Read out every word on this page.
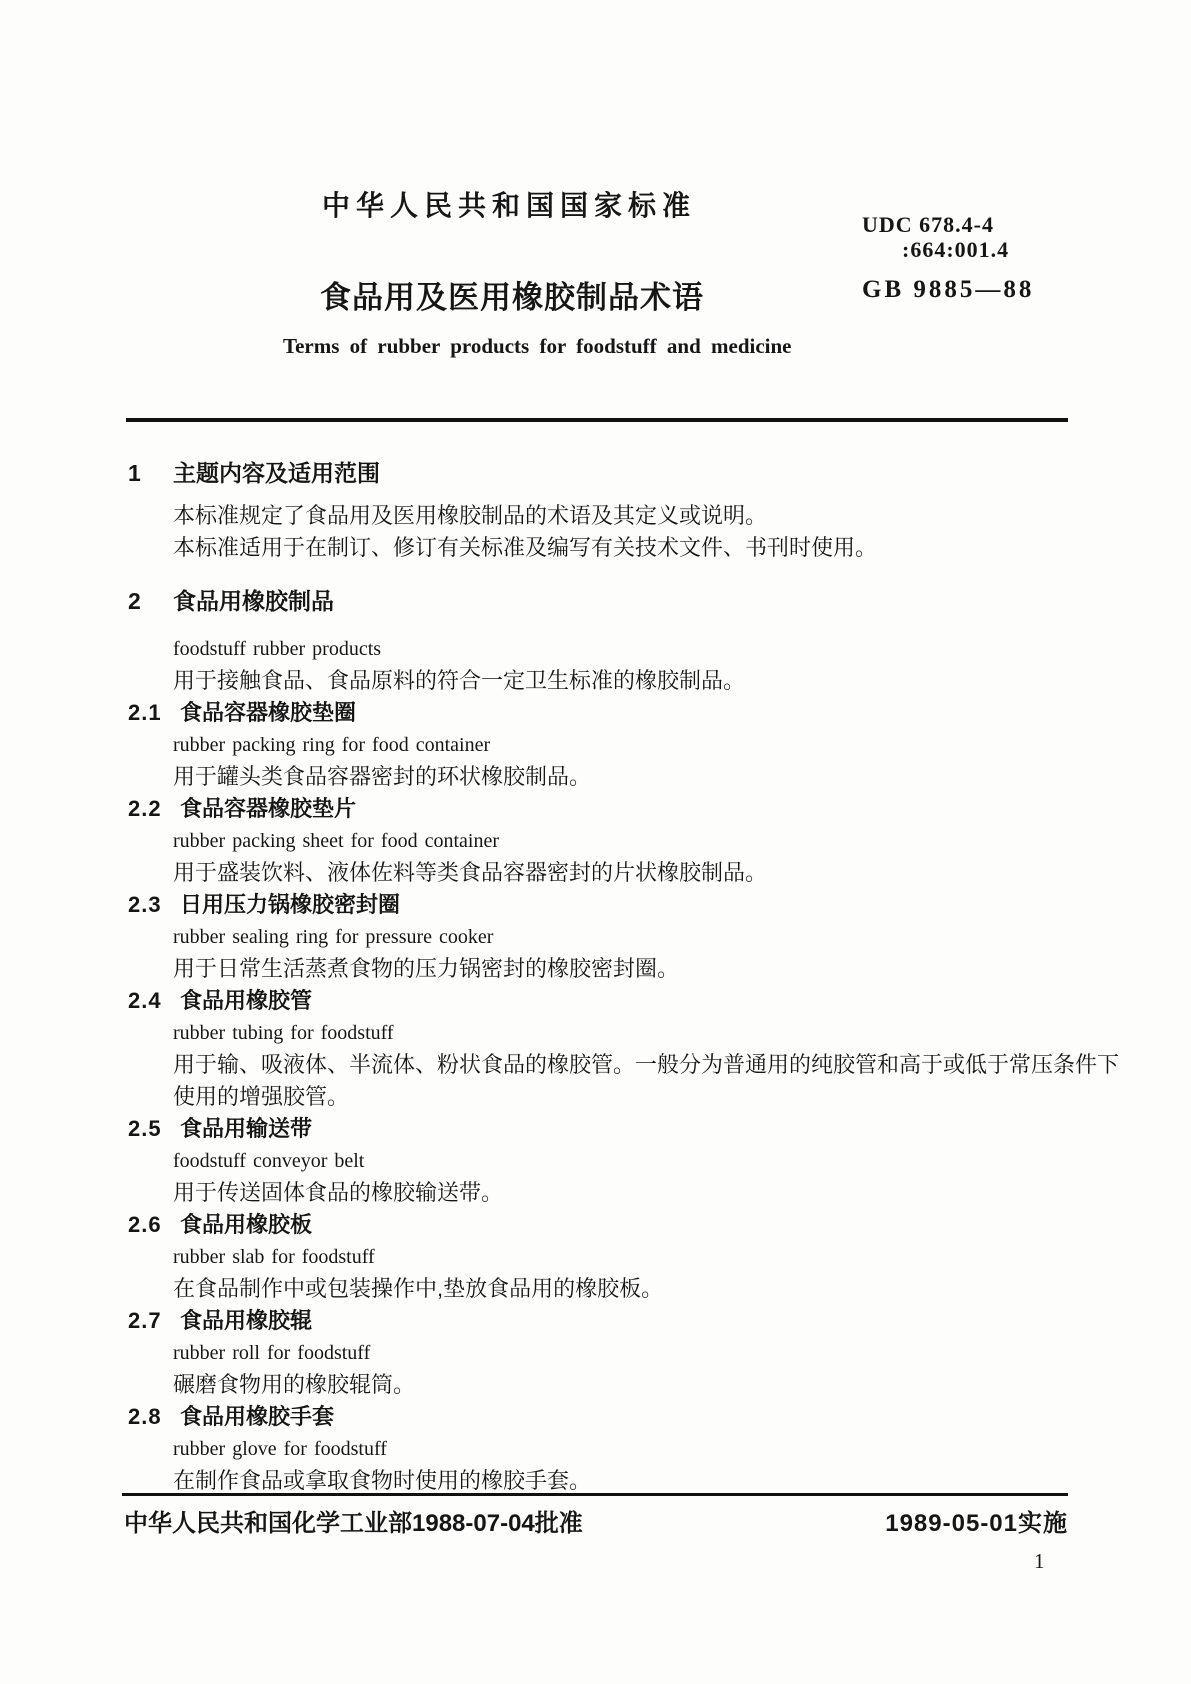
中华人民共和国国家标准
UDC 678.4-4
:664:001.4
食品用及医用橡胶制品术语	GB 9885—88
Terms of rubber products for foodstuff and medicine
1 主题内容及适用范围
本标准规定了食品用及医用橡胶制品的术语及其定义或说明。
本标准适用于在制订、修订有关标准及编写有关技术文件、书刊时使用。
2 食品用橡胶制品
foodstuff rubber products
用于接触食品、食品原料的符合一定卫生标准的橡胶制品。
2.1 食品容器橡胶垫圈
rubber packing ring for food container
用于罐头类食品容器密封的环状橡胶制品。
2.2 食品容器橡胶垫片
rubber packing sheet for food container
用于盛装饮料、液体佐料等类食品容器密封的片状橡胶制品。
2.3 日用压力锅橡胶密封圈
rubber sealing ring for pressure cooker
用于日常生活蒸煮食物的压力锅密封的橡胶密封圈。
2.4 食品用橡胶管
rubber tubing for foodstuff
用于输、吸液体、半流体、粉状食品的橡胶管。一般分为普通用的纯胶管和高于或低于常压条件下
使用的增强胶管。
2.5 食品用输送带
foodstuff conveyor belt
用于传送固体食品的橡胶输送带。
2.6 食品用橡胶板
rubber slab for foodstuff
在食品制作中或包装操作中,垫放食品用的橡胶板。
2.7 食品用橡胶辊
rubber roll for foodstuff
碾磨食物用的橡胶辊筒。
2.8 食品用橡胶手套
rubber glove for foodstuff
在制作食品或拿取食物时使用的橡胶手套。
中华人民共和国化学工业部1988-07-04批准	1989-05-01实施
1
